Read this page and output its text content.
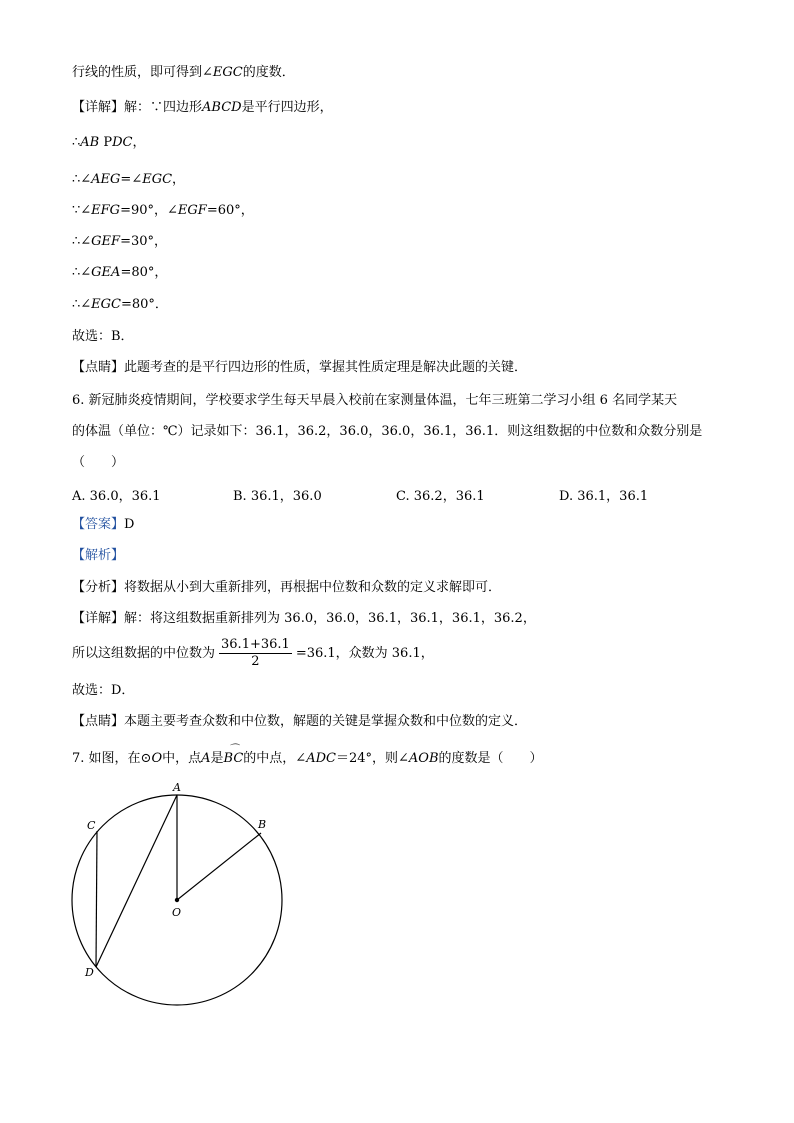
行线的性质，即可得到∠EGC的度数．
【详解】解：∵四边形ABCD是平行四边形，
∴AB PDC，
∴∠AEG=∠EGC，
∵∠EFG=90°，∠EGF=60°，
∴∠GEF=30°，
∴∠GEA=80°，
∴∠EGC=80°．
故选：B．
【点睛】此题考查的是平行四边形的性质，掌握其性质定理是解决此题的关键．
6. 新冠肺炎疫情期间，学校要求学生每天早晨入校前在家测量体温，七年三班第二学习小组 6 名同学某天
的体温（单位：℃）记录如下：36.1，36.2，36.0，36.0，36.1，36.1．则这组数据的中位数和众数分别是
（　　）
A. 36.0，36.1	B. 36.1，36.0	C. 36.2，36.1	D. 36.1，36.1
【答案】D
【解析】
【分析】将数据从小到大重新排列，再根据中位数和众数的定义求解即可．
【详解】解：将这组数据重新排列为 36.0，36.0，36.1，36.1，36.1，36.2，
所以这组数据的中位数为 $\frac{36.1+36.1}{2} =36.1$，众数为 36.1，
故选：D．
【点睛】本题主要考查众数和中位数，解题的关键是掌握众数和中位数的定义．
7. 如图，在⊙O中，点A是⌒ BC的中点，∠ADC＝24°，则∠AOB的度数是（　　）
A
B
C
D
O
